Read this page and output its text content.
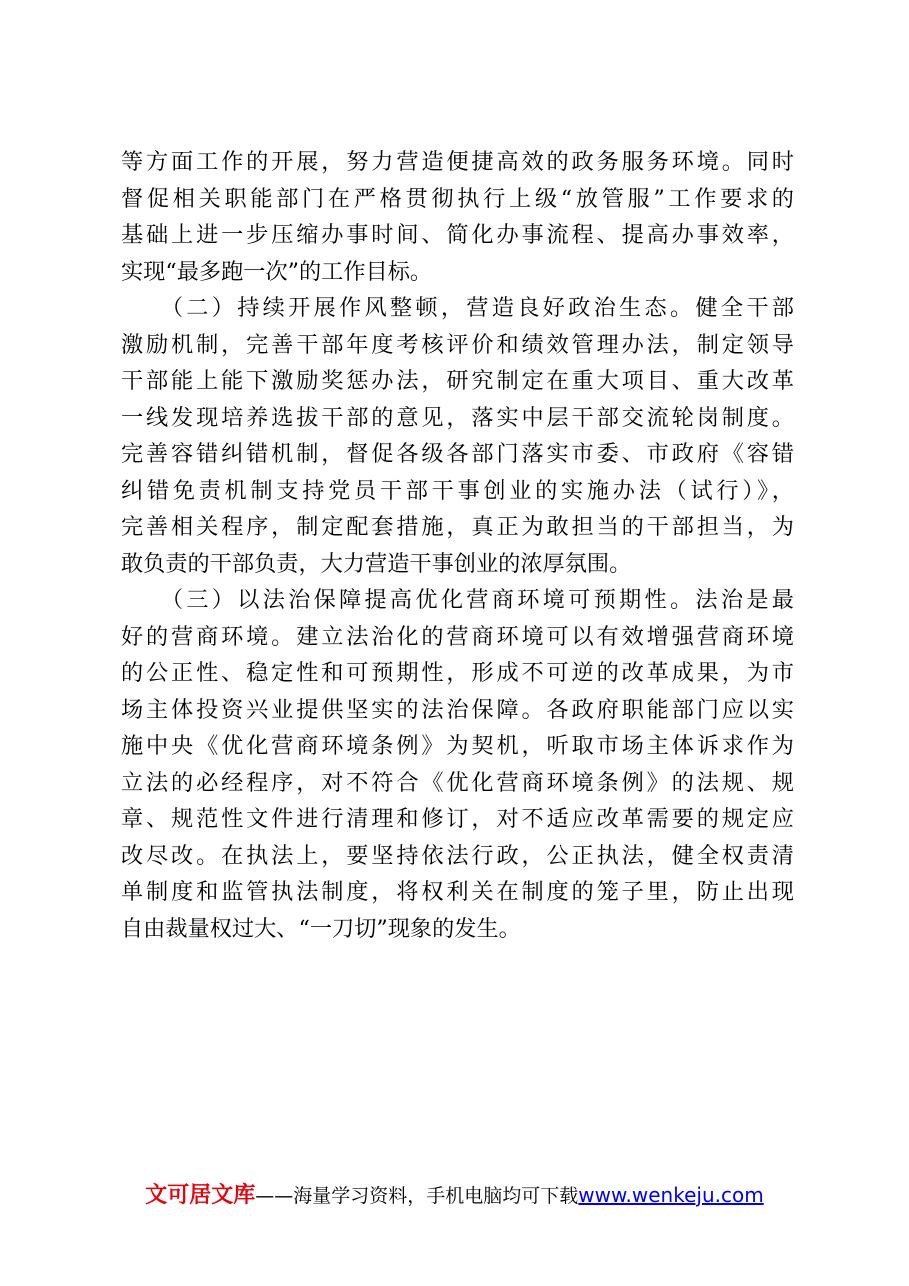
等方面工作的开展，努力营造便捷高效的政务服务环境。同时
督促相关职能部门在严格贯彻执行上级“放管服”工作要求的
基础上进一步压缩办事时间、简化办事流程、提高办事效率，
实现“最多跑一次”的工作目标。

　　（二）持续开展作风整顿，营造良好政治生态。健全干部
激励机制，完善干部年度考核评价和绩效管理办法，制定领导
干部能上能下激励奖惩办法，研究制定在重大项目、重大改革
一线发现培养选拔干部的意见，落实中层干部交流轮岗制度。
完善容错纠错机制，督促各级各部门落实市委、市政府《容错
纠错免责机制支持党员干部干事创业的实施办法（试行）》，
完善相关程序，制定配套措施，真正为敢担当的干部担当，为
敢负责的干部负责，大力营造干事创业的浓厚氛围。

　　（三）以法治保障提高优化营商环境可预期性。法治是最
好的营商环境。建立法治化的营商环境可以有效增强营商环境
的公正性、稳定性和可预期性，形成不可逆的改革成果，为市
场主体投资兴业提供坚实的法治保障。各政府职能部门应以实
施中央《优化营商环境条例》为契机，听取市场主体诉求作为
立法的必经程序，对不符合《优化营商环境条例》的法规、规
章、规范性文件进行清理和修订，对不适应改革需要的规定应
改尽改。在执法上，要坚持依法行政，公正执法，健全权责清
单制度和监管执法制度，将权利关在制度的笼子里，防止出现
自由裁量权过大、“一刀切”现象的发生。

文可居文库——海量学习资料，手机电脑均可下载www.wenkeju.com
